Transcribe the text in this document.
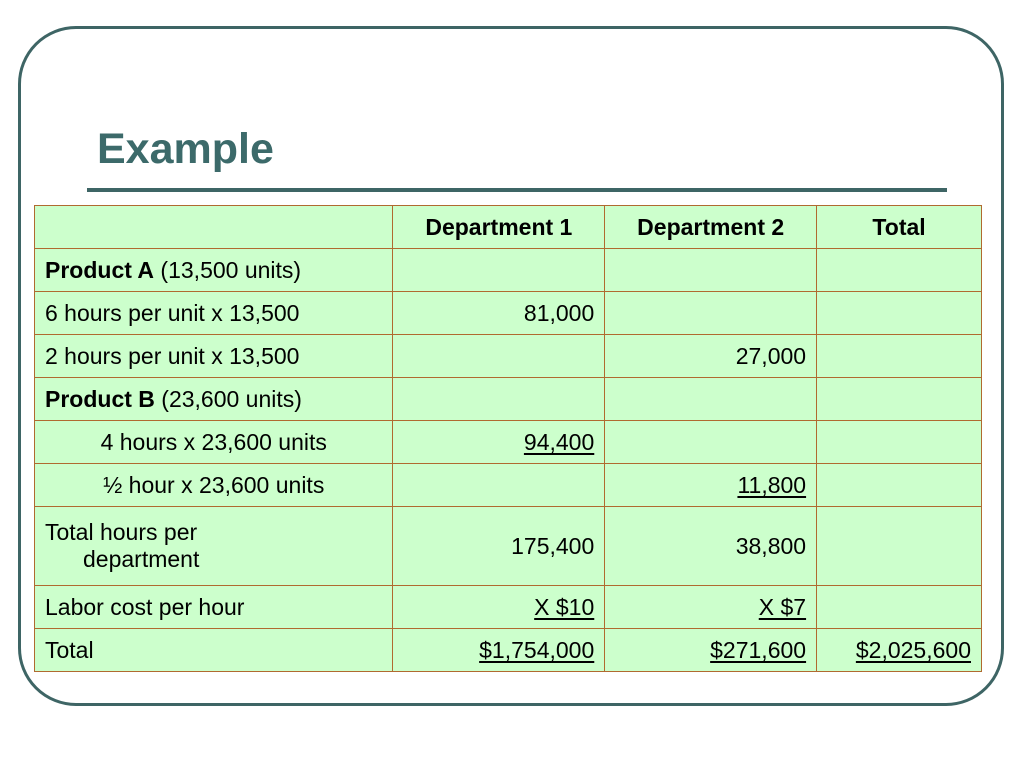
Example
	Department 1	Department 2	Total
Product A (13,500 units)			
6 hours per unit x 13,500	81,000		
2 hours per unit x 13,500		27,000	
Product B (23,600 units)			
4 hours x 23,600 units	94,400		
½ hour x 23,600 units		11,800	

Total hours per
department	175,400	38,800	
Labor cost per hour	X $10	X $7	
Total	$1,754,000	$271,600	$2,025,600
